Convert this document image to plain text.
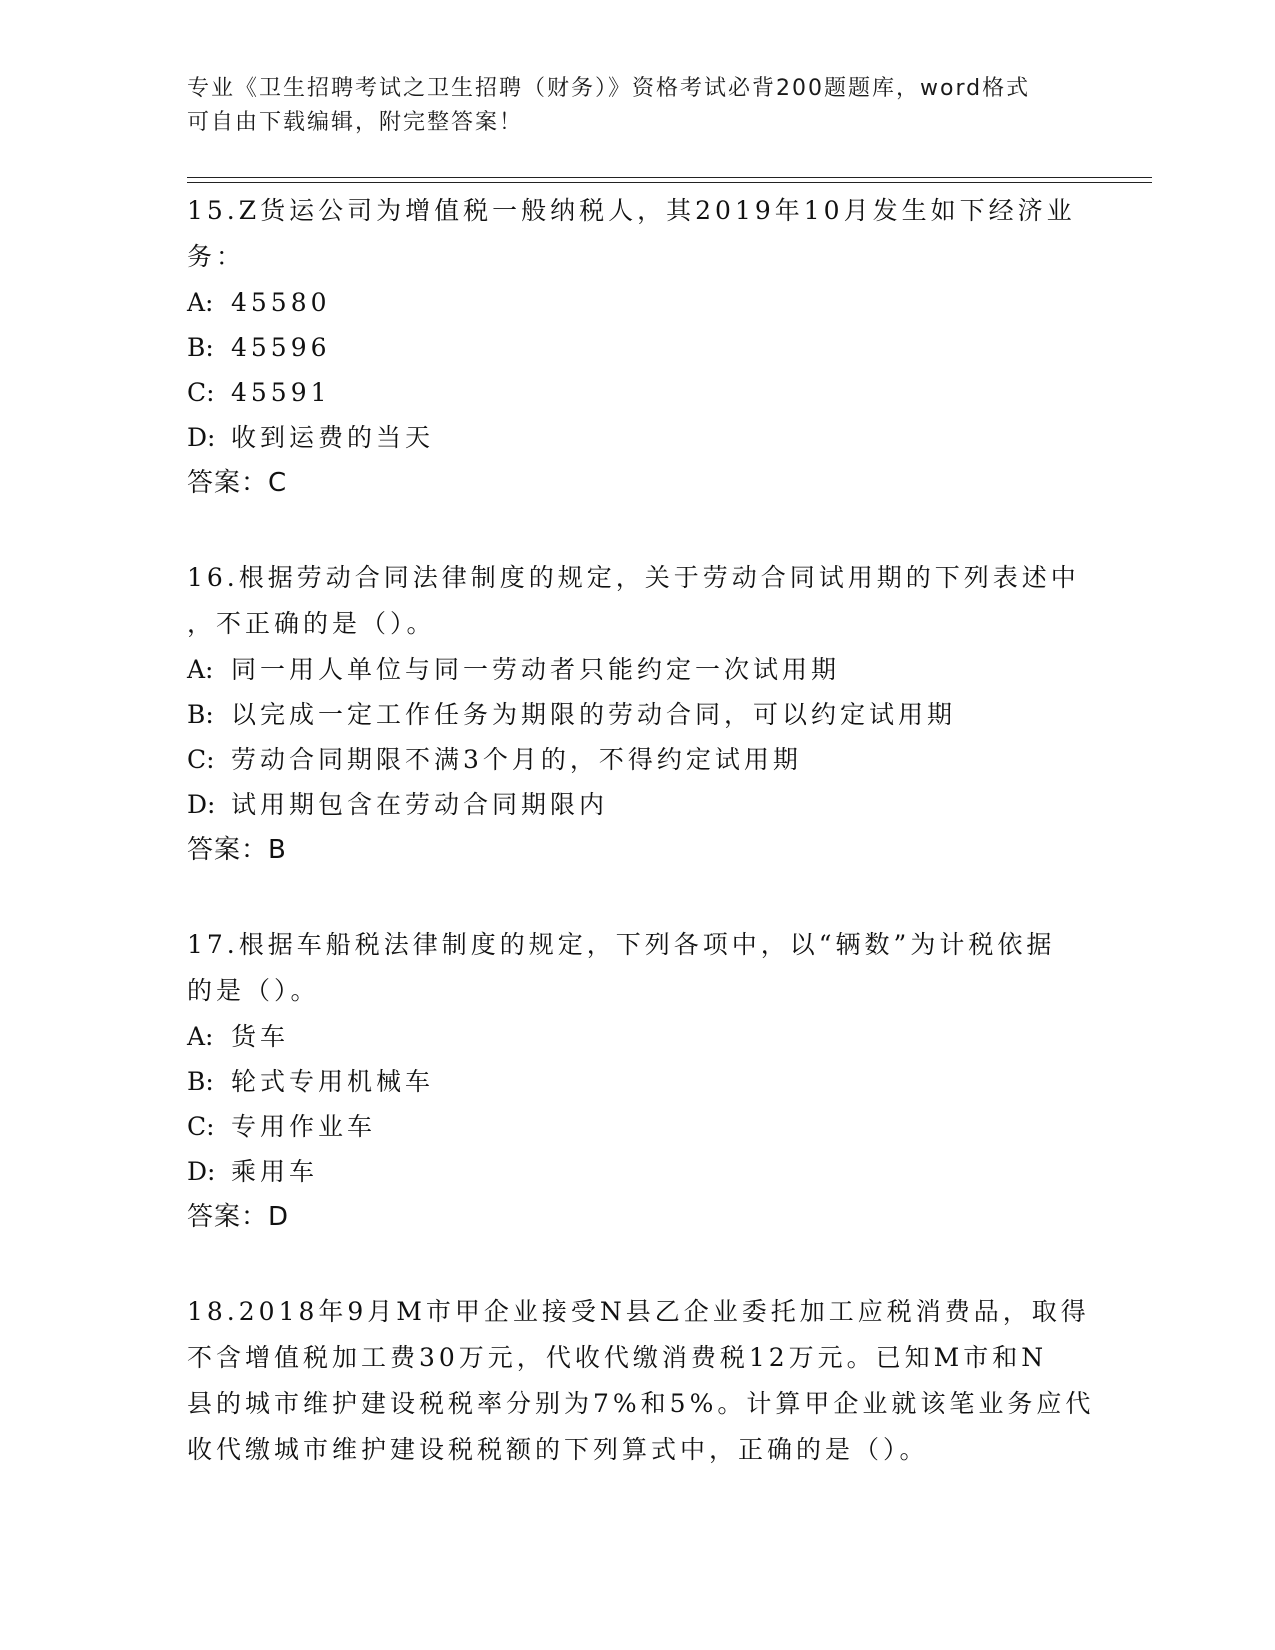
专业《卫生招聘考试之卫生招聘（财务）》资格考试必背200题题库，word格式
可自由下载编辑，附完整答案！
15.Z货运公司为增值税一般纳税人，其2019年10月发生如下经济业
务：
A: 45580
B: 45596
C: 45591
D: 收到运费的当天
答案：C
16.根据劳动合同法律制度的规定，关于劳动合同试用期的下列表述中
，不正确的是（）。
A: 同一用人单位与同一劳动者只能约定一次试用期
B: 以完成一定工作任务为期限的劳动合同，可以约定试用期
C: 劳动合同期限不满3个月的，不得约定试用期
D: 试用期包含在劳动合同期限内
答案：B
17.根据车船税法律制度的规定，下列各项中，以“辆数”为计税依据
的是（）。
A: 货车
B: 轮式专用机械车
C: 专用作业车
D: 乘用车
答案：D
18.2018年9月M市甲企业接受N县乙企业委托加工应税消费品，取得
不含增值税加工费30万元，代收代缴消费税12万元。已知M市和N
县的城市维护建设税税率分别为7%和5%。计算甲企业就该笔业务应代
收代缴城市维护建设税税额的下列算式中，正确的是（）。
